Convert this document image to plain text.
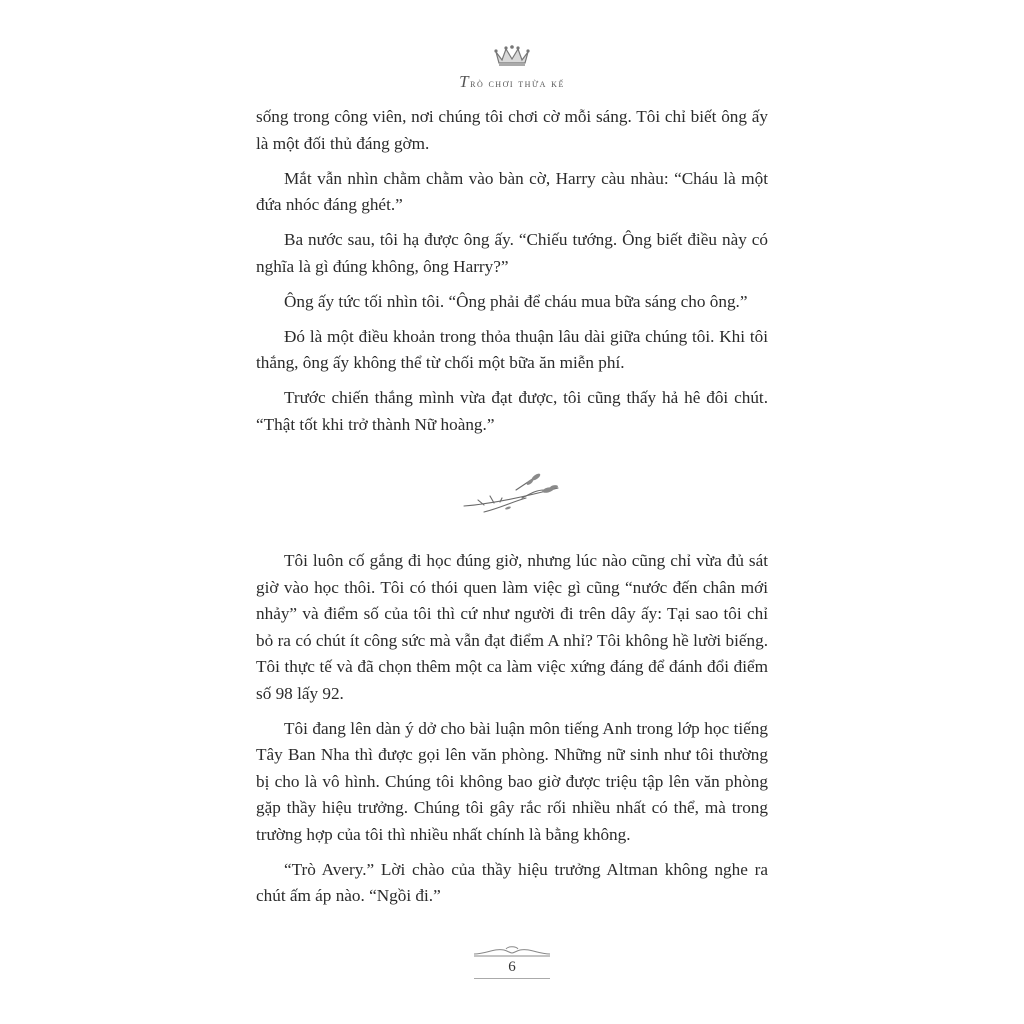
Trò chơi thừa kế

sống trong công viên, nơi chúng tôi chơi cờ mỗi sáng. Tôi chỉ biết ông ấy là một đối thủ đáng gờm.

Mắt vẫn nhìn chằm chằm vào bàn cờ, Harry càu nhàu: “Cháu là một đứa nhóc đáng ghét.”

Ba nước sau, tôi hạ được ông ấy. “Chiếu tướng. Ông biết điều này có nghĩa là gì đúng không, ông Harry?”

Ông ấy tức tối nhìn tôi. “Ông phải để cháu mua bữa sáng cho ông.”

Đó là một điều khoản trong thỏa thuận lâu dài giữa chúng tôi. Khi tôi thắng, ông ấy không thể từ chối một bữa ăn miễn phí.

Trước chiến thắng mình vừa đạt được, tôi cũng thấy hả hê đôi chút. “Thật tốt khi trở thành Nữ hoàng.”

Tôi luôn cố gắng đi học đúng giờ, nhưng lúc nào cũng chỉ vừa đủ sát giờ vào học thôi. Tôi có thói quen làm việc gì cũng “nước đến chân mới nhảy” và điểm số của tôi thì cứ như người đi trên dây ấy: Tại sao tôi chỉ bỏ ra có chút ít công sức mà vẫn đạt điểm A nhỉ? Tôi không hề lười biếng. Tôi thực tế và đã chọn thêm một ca làm việc xứng đáng để đánh đổi điểm số 98 lấy 92.

Tôi đang lên dàn ý dở cho bài luận môn tiếng Anh trong lớp học tiếng Tây Ban Nha thì được gọi lên văn phòng. Những nữ sinh như tôi thường bị cho là vô hình. Chúng tôi không bao giờ được triệu tập lên văn phòng gặp thầy hiệu trưởng. Chúng tôi gây rắc rối nhiều nhất có thể, mà trong trường hợp của tôi thì nhiều nhất chính là bằng không.

“Trò Avery.” Lời chào của thầy hiệu trưởng Altman không nghe ra chút ấm áp nào. “Ngồi đi.”

6
